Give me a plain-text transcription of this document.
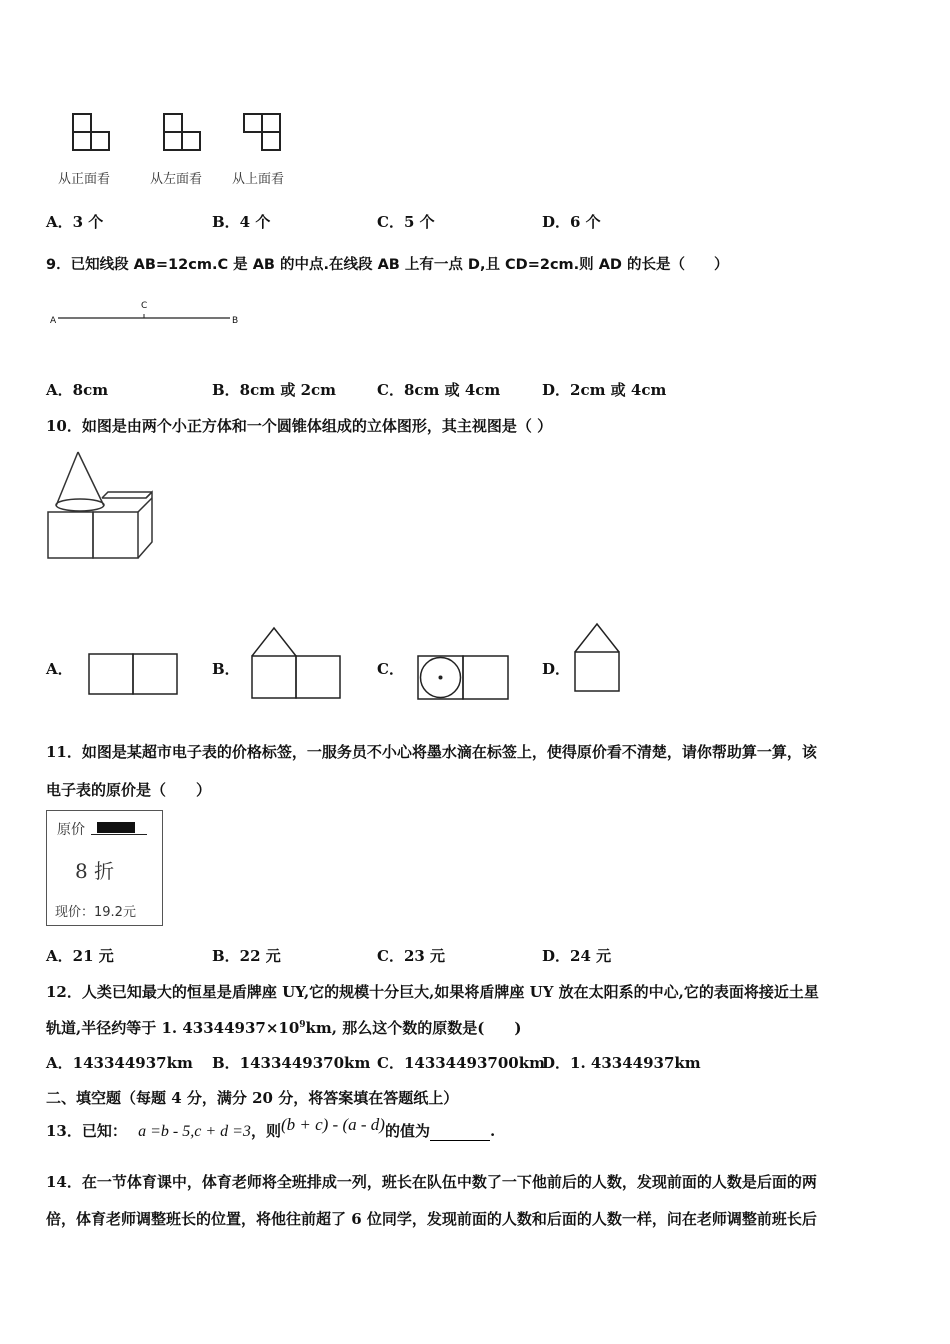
从正面看	从左面看 从上面看
A．3 个	B．4 个	C．5 个	D．6 个
9．已知线段 AB=12cm.C 是 AB 的中点.在线段 AB 上有一点 D,且 CD=2cm.则 AD 的长是（　　）
A
C
B
A．8cm	B．8cm 或 2cm	C．8cm 或 4cm	D．2cm 或 4cm
10．如图是由两个小正方体和一个圆锥体组成的立体图形，其主视图是（ ）
A．	B．	C．	D．
11．如图是某超市电子表的价格标签，一服务员不小心将墨水滴在标签上，使得原价看不清楚，请你帮助算一算，该
电子表的原价是（　　）
原价
8 折
现价：19.2元
A．21 元	B．22 元	C．23 元	D．24 元
12．人类已知最大的恒星是盾牌座 UY,它的规模十分巨大,如果将盾牌座 UY 放在太阳系的中心,它的表面将接近土星
轨道,半径约等于 1. $43344937\times 10^9km$, 那么这个数的原数是(　　)
A．143344937km B．1433449370km C．14334493700km
D．1. 43344937km
二、填空题（每题 4 分，满分 20 分，将答案填在答题纸上）
13．已知： a =b - 5,c + d =3，则(b + c) - (a - d)的值为	.
14．在一节体育课中，体育老师将全班排成一列，班长在队伍中数了一下他前后的人数，发现前面的人数是后面的两
倍，体育老师调整班长的位置，将他往前超了 6 位同学，发现前面的人数和后面的人数一样，问在老师调整前班长后
